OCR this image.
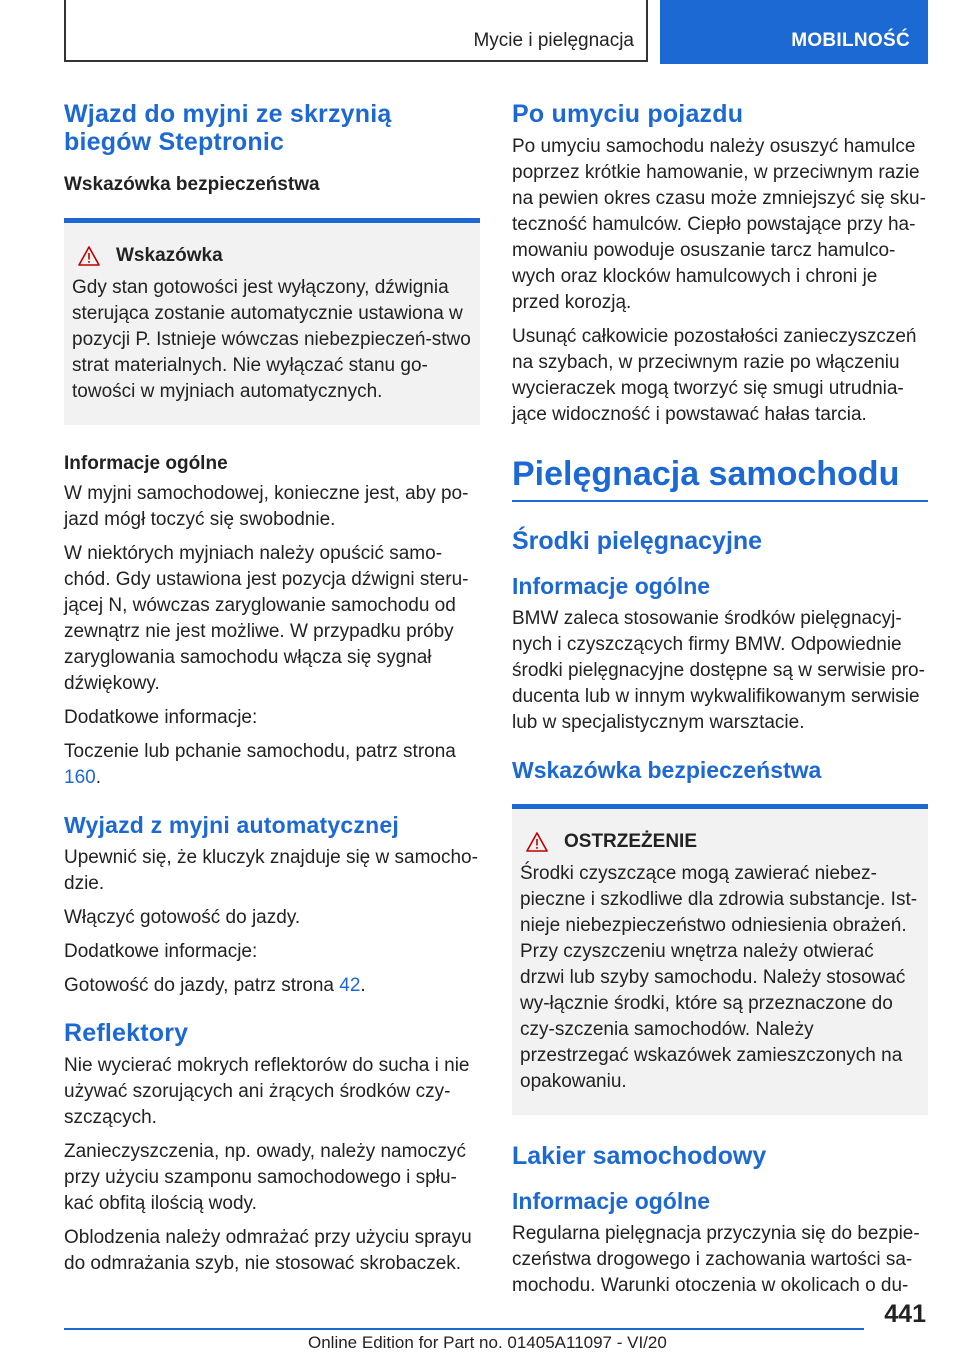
Mycie i pielęgnacja	MOBILNOŚĆ
Wjazd do myjni ze skrzynią biegów Steptronic
Wskazówka bezpieczeństwa
Wskazówka

Gdy stan gotowości jest wyłączony, dźwignia sterująca zostanie automatycznie ustawiona w pozycji P. Istnieje wówczas niebezpieczeń-stwo strat materialnych. Nie wyłączać stanu go-towości w myjniach automatycznych.

Informacje ogólne

W myjni samochodowej, konieczne jest, aby po-jazd mógł toczyć się swobodnie.

W niektórych myjniach należy opuścić samo-chód. Gdy ustawiona jest pozycja dźwigni steru-jącej N, wówczas zaryglowanie samochodu od zewnątrz nie jest możliwe. W przypadku próby zaryglowania samochodu włącza się sygnał dźwiękowy.

Dodatkowe informacje:

Toczenie lub pchanie samochodu, patrz strona 160.

Wyjazd z myjni automatycznej

Upewnić się, że kluczyk znajduje się w samocho-dzie.

Włączyć gotowość do jazdy.

Dodatkowe informacje:

Gotowość do jazdy, patrz strona 42.

Reflektory

Nie wycierać mokrych reflektorów do sucha i nie używać szorujących ani żrących środków czy-szczących.

Zanieczyszczenia, np. owady, należy namoczyć przy użyciu szamponu samochodowego i spłu-kać obfitą ilością wody.

Oblodzenia należy odmrażać przy użyciu sprayu do odmrażania szyb, nie stosować skrobaczek.

Po umyciu pojazdu

Po umyciu samochodu należy osuszyć hamulce poprzez krótkie hamowanie, w przeciwnym razie na pewien okres czasu może zmniejszyć się sku-teczność hamulców. Ciepło powstające przy ha-mowaniu powoduje osuszanie tarcz hamulco-wych oraz klocków hamulcowych i chroni je przed korozją.

Usunąć całkowicie pozostałości zanieczyszczeń na szybach, w przeciwnym razie po włączeniu wycieraczek mogą tworzyć się smugi utrudnia-jące widoczność i powstawać hałas tarcia.

Pielęgnacja samochodu
Środki pielęgnacyjne
Informacje ogólne

BMW zaleca stosowanie środków pielęgnacyj-nych i czyszczących firmy BMW. Odpowiednie środki pielęgnacyjne dostępne są w serwisie pro-ducenta lub w innym wykwalifikowanym serwisie lub w specjalistycznym warsztacie.

Wskazówka bezpieczeństwa
OSTRZEŻENIE

Środki czyszczące mogą zawierać niebez-pieczne i szkodliwe dla zdrowia substancje. Ist-nieje niebezpieczeństwo odniesienia obrażeń. Przy czyszczeniu wnętrza należy otwierać drzwi lub szyby samochodu. Należy stosować wy-łącznie środki, które są przeznaczone do czy-szczenia samochodów. Należy przestrzegać wskazówek zamieszczonych na opakowaniu.

Lakier samochodowy
Informacje ogólne

Regularna pielęgnacja przyczynia się do bezpie-czeństwa drogowego i zachowania wartości sa-mochodu. Warunki otoczenia w okolicach o du-

441
Online Edition for Part no. 01405A11097 - VI/20
